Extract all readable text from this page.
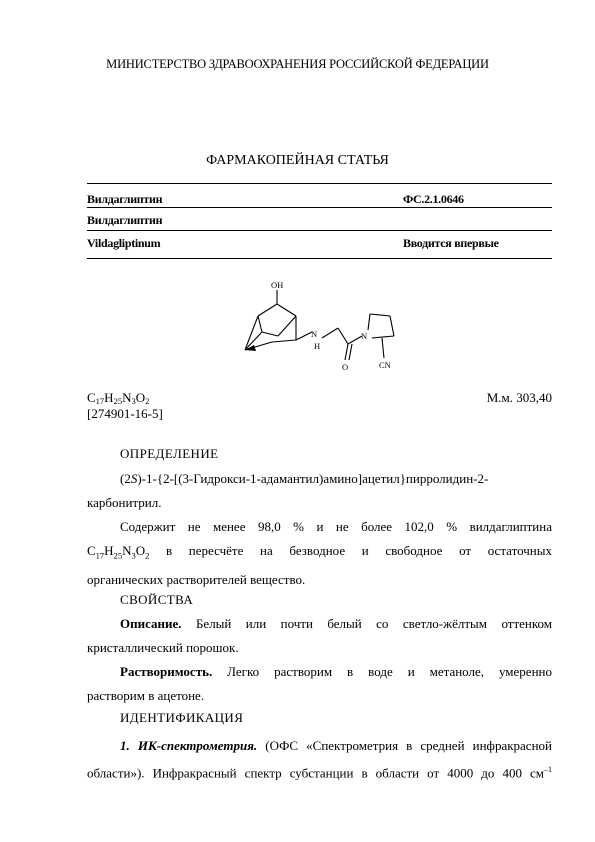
МИНИСТЕРСТВО ЗДРАВООХРАНЕНИЯ РОССИЙСКОЙ ФЕДЕРАЦИИ
ФАРМАКОПЕЙНАЯ СТАТЬЯ
Вилдаглиптин	ФС.2.1.0646
Вилдаглиптин
Vildagliptinum	Вводится впервые
OH
N
H
N
O	CN
$C_{17}H_{25}N_3O_2$	М.м. 303,40
[274901-16-5]
ОПРЕДЕЛЕНИЕ
(2S)-1-{2-[(3-Гидрокси-1-адамантил)амино]ацетил}пирролидин-2-
карбонитрил.
Содержит не менее 98,0 % и не более 102,0 % вилдаглиптина
$C_{17}H_{25}N_3O_2$ в пересчёте на безводное и свободное от остаточных
органических растворителей вещество.
СВОЙСТВА
Описание. Белый или почти белый со светло-жёлтым оттенком
кристаллический порошок.
Растворимость. Легко растворим в воде и метаноле, умеренно
растворим в ацетоне.
ИДЕНТИФИКАЦИЯ
1. ИК-спектрометрия. (ОФС «Спектрометрия в средней инфракрасной
области»). Инфракрасный спектр субстанции в области от 4000 до 400 $см^{-1}$
